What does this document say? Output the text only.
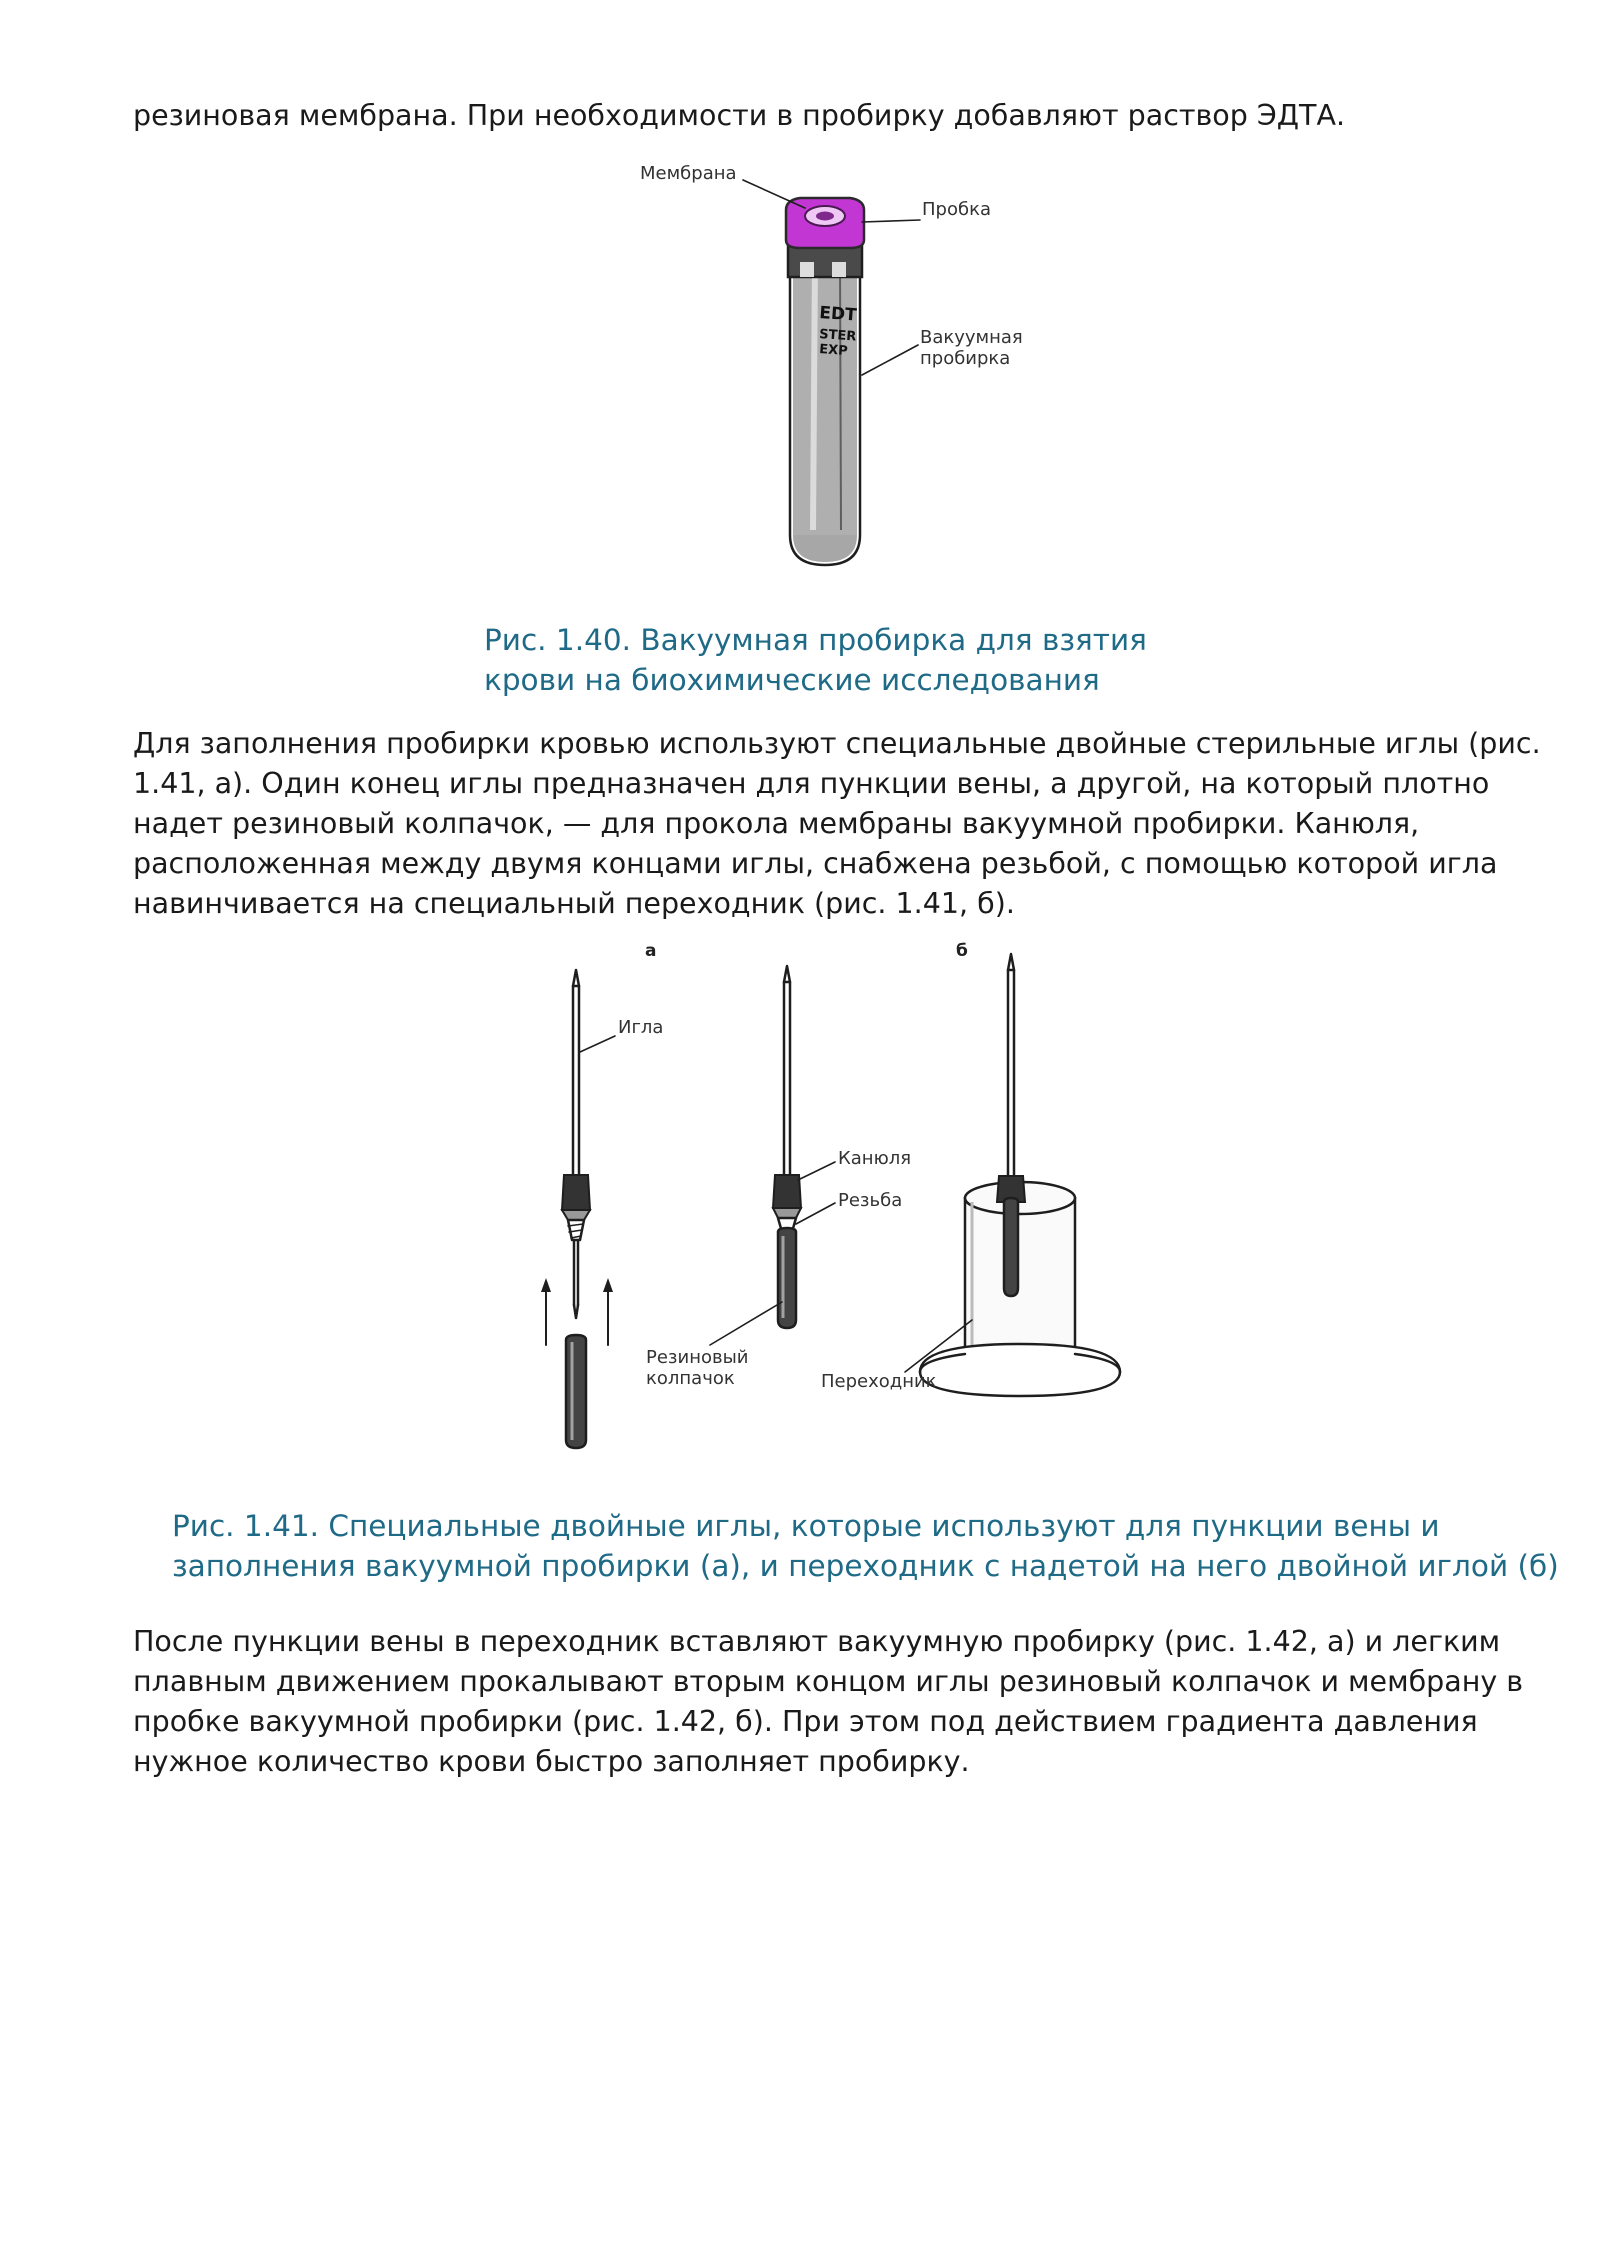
резиновая мембрана. При необходимости в пробирку добавляют раствор ЭДТА.

EDT
STER
EXP
Мембрана
Пробка
Вакуумная
пробирка

Рис. 1.40. Вакуумная пробирка для взятия

крови на биохимические исследования

Для заполнения пробирки кровью используют специальные двойные стерильные иглы (рис. 1.41, а). Один конец иглы предназначен для пункции вены, а другой, на который плотно надет резиновый колпачок, — для прокола мембраны вакуумной пробирки. Канюля, расположенная между двумя концами иглы, снабжена резьбой, с помощью которой игла навинчивается на специальный переходник (рис. 1.41, б).

а	б
Игла
Канюля
Резьба
Резиновый
колпачок	Переходник

Рис. 1.41. Специальные двойные иглы, которые используют для пункции вены и

заполнения вакуумной пробирки (а), и переходник с надетой на него двойной иглой (б)

После пункции вены в переходник вставляют вакуумную пробирку (рис. 1.42, а) и легким плавным движением прокалывают вторым концом иглы резиновый колпачок и мембрану в пробке вакуумной пробирки (рис. 1.42, б). При этом под действием градиента давления нужное количество крови быстро заполняет пробирку.
